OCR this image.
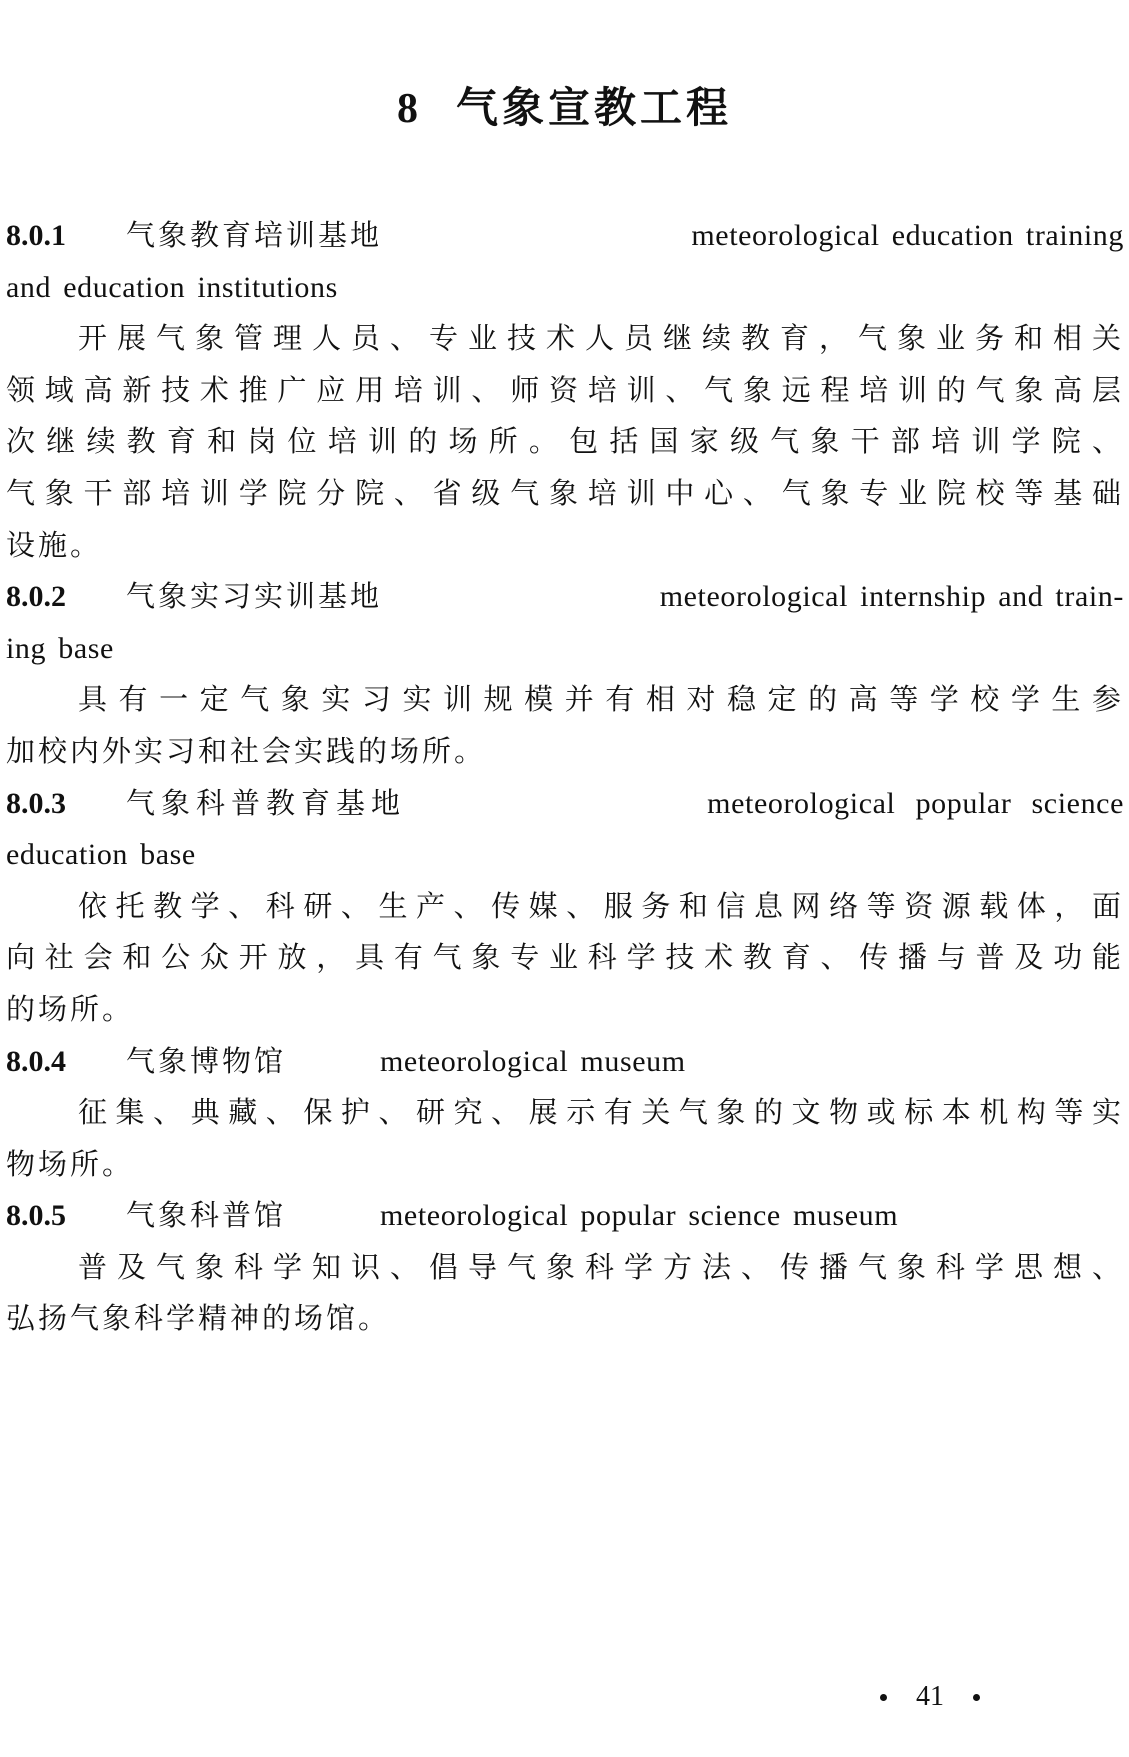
8 气象宣教工程
8.0.1	气象教育培训基地	meteorological education training
and education institutions
开展气象管理人员、专业技术人员继续教育，气象业务和相关
领域高新技术推广应用培训、师资培训、气象远程培训的气象高层
次继续教育和岗位培训的场所。包括国家级气象干部培训学院、
气象干部培训学院分院、省级气象培训中心、气象专业院校等基础
设施。
8.0.2	气象实习实训基地	meteorological internship and train-
ing base
具有一定气象实习实训规模并有相对稳定的高等学校学生参
加校内外实习和社会实践的场所。
8.0.3	气象科普教育基地	meteorological popular science
education base
依托教学、科研、生产、传媒、服务和信息网络等资源载体，面
向社会和公众开放，具有气象专业科学技术教育、传播与普及功能
的场所。
8.0.4	气象博物馆	meteorological museum
征集、典藏、保护、研究、展示有关气象的文物或标本机构等实
物场所。
8.0.5	气象科普馆	meteorological popular science museum
普及气象科学知识、倡导气象科学方法、传播气象科学思想、
弘扬气象科学精神的场馆。
41
